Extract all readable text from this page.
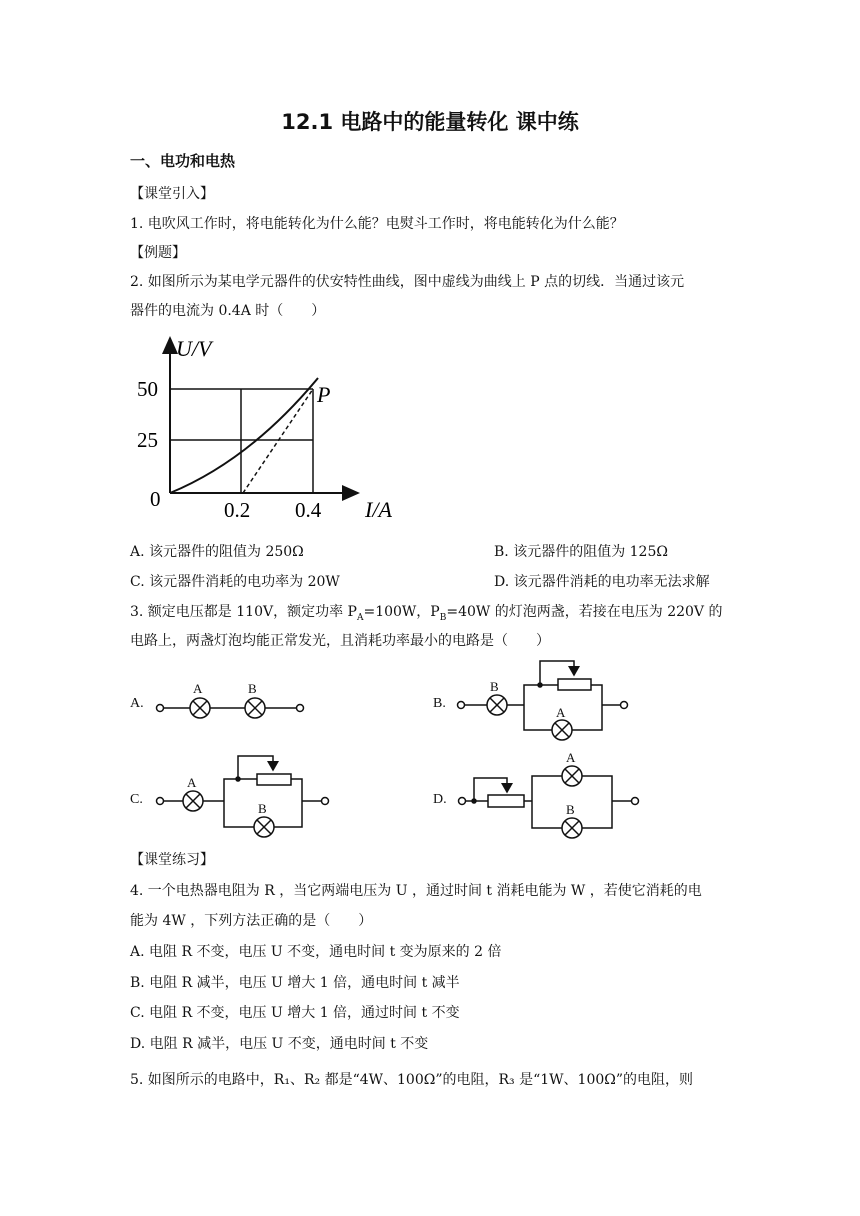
12.1 电路中的能量转化 课中练
一、电功和电热
【课堂引入】
1. 电吹风工作时，将电能转化为什么能？电熨斗工作时，将电能转化为什么能？
【例题】
2. 如图所示为某电学元器件的伏安特性曲线，图中虚线为曲线上 P 点的切线．当通过该元
器件的电流为 0.4A 时（　　）
U/V
50
25
0	0.2 0.4 I/A
P
A. 该元器件的阻值为 250Ω	B. 该元器件的阻值为 125Ω
C. 该元器件消耗的电功率为 20W	D. 该元器件消耗的电功率无法求解
3. 额定电压都是 110V，额定功率 $P_A=100W$，$P_B=40W$ 的灯泡两盏，若接在电压为 220V 的
电路上，两盏灯泡均能正常发光，且消耗功率最小的电路是（　　）
A.
A	B
B.
B
A
C.
A
B
D.
A
B
【课堂练习】
4. 一个电热器电阻为 R ，当它两端电压为 U ，通过时间 t 消耗电能为 W ，若使它消耗的电
能为 4W ，下列方法正确的是（　　）
A. 电阻 R 不变，电压 U 不变，通电时间 t 变为原来的 2 倍
B. 电阻 R 减半，电压 U 增大 1 倍，通电时间 t 减半
C. 电阻 R 不变，电压 U 增大 1 倍，通过时间 t 不变
D. 电阻 R 减半，电压 U 不变，通电时间 t 不变
5. 如图所示的电路中，R₁、R₂ 都是“4W、100Ω”的电阻，R₃ 是“1W、100Ω”的电阻，则
